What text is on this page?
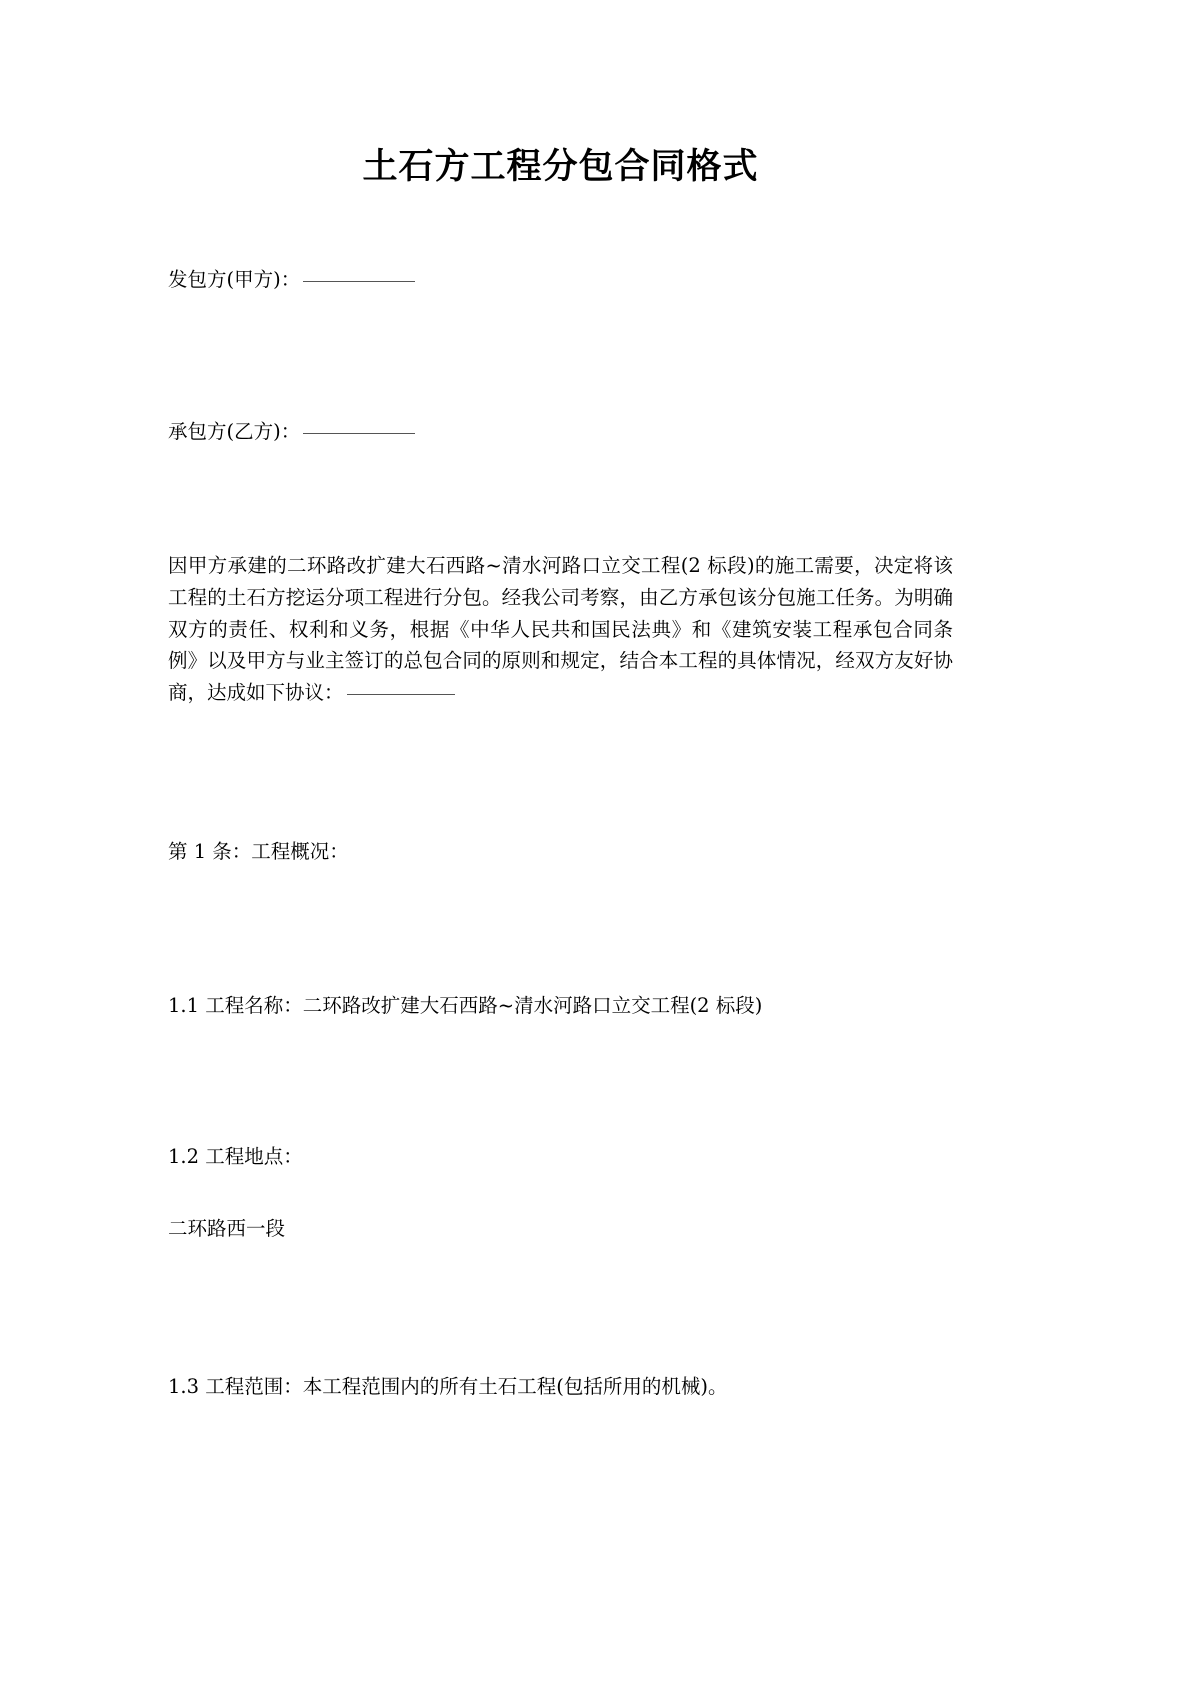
土石方工程分包合同格式

发包方(甲方)：

承包方(乙方)：

因甲方承建的二环路改扩建大石西路~清水河路口立交工程(2 标段)的施工需要，决定将该工程的土石方挖运分项工程进行分包。经我公司考察，由乙方承包该分包施工任务。为明确双方的责任、权利和义务，根据《中华人民共和国民法典》和《建筑安装工程承包合同条例》以及甲方与业主签订的总包合同的原则和规定，结合本工程的具体情况，经双方友好协商，达成如下协议：

第 1 条：工程概况：

1.1 工程名称：二环路改扩建大石西路~清水河路口立交工程(2 标段)

1.2 工程地点：

二环路西一段

1.3 工程范围：本工程范围内的所有土石工程(包括所用的机械)。
